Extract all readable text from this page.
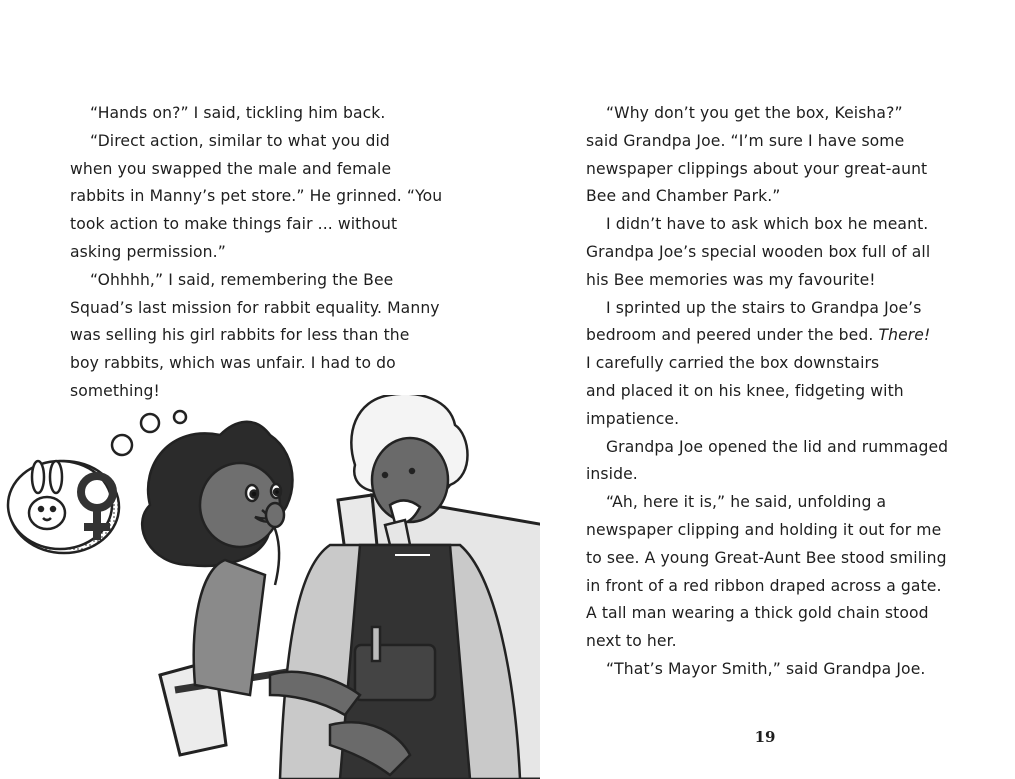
“Hands on?” I said, tickling him back.
“Direct action, similar to what you did
when you swapped the male and female
rabbits in Manny’s pet store.” He grinned. “You
took action to make things fair ... without
asking permission.”
“Ohhhh,” I said, remembering the Bee
Squad’s last mission for rabbit equality. Manny
was selling his girl rabbits for less than the
boy rabbits, which was unfair. I had to do
something!
“Why don’t you get the box, Keisha?”
said Grandpa Joe. “I’m sure I have some
newspaper clippings about your great-aunt
Bee and Chamber Park.”
I didn’t have to ask which box he meant.
Grandpa Joe’s special wooden box full of all
his Bee memories was my favourite!
I sprinted up the stairs to Grandpa Joe’s
bedroom and peered under the bed. There!
I carefully carried the box downstairs
and placed it on his knee, fidgeting with
impatience.
Grandpa Joe opened the lid and rummaged
inside.
“Ah, here it is,” he said, unfolding a
newspaper clipping and holding it out for me
to see. A young Great-Aunt Bee stood smiling
in front of a red ribbon draped across a gate.
A tall man wearing a thick gold chain stood
next to her.
“That’s Mayor Smith,” said Grandpa Joe.
19
